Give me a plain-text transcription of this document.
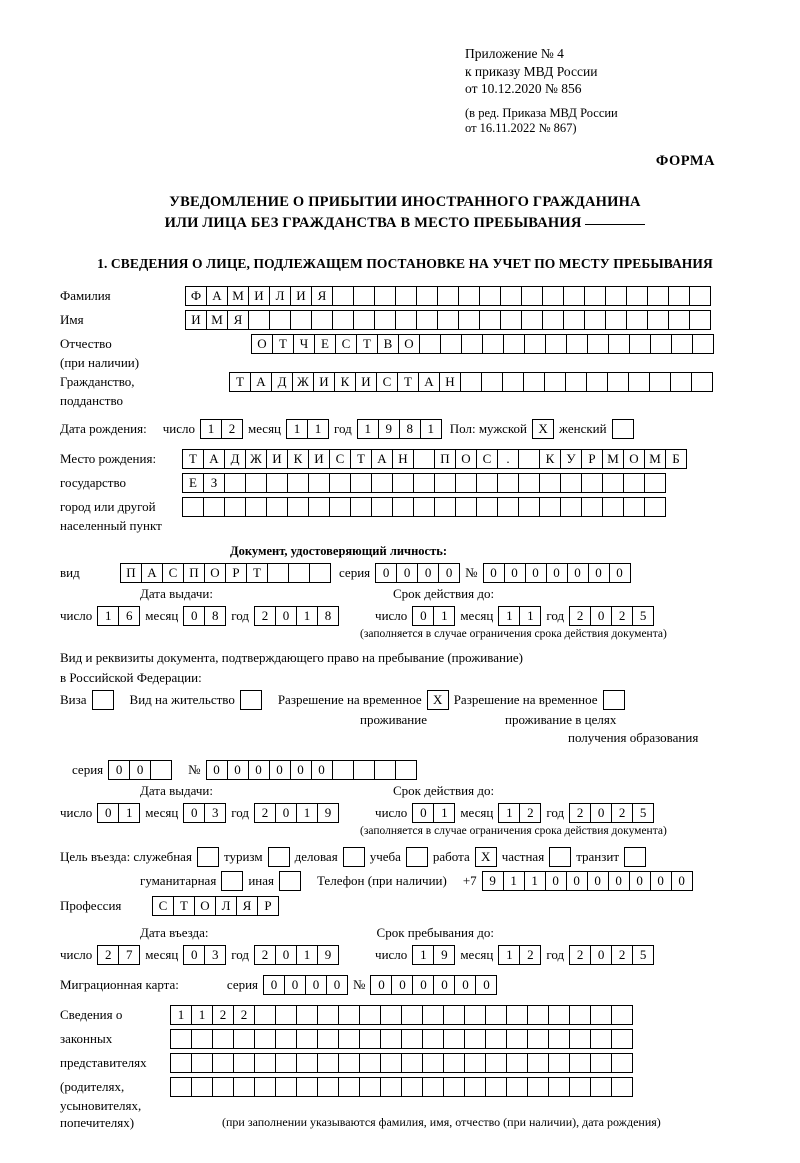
Приложение № 4
к приказу МВД России
от 10.12.2020 № 856
(в ред. Приказа МВД России
от 16.11.2022 № 867)
ФОРМА
УВЕДОМЛЕНИЕ О ПРИБЫТИИ ИНОСТРАННОГО ГРАЖДАНИНА
ИЛИ ЛИЦА БЕЗ ГРАЖДАНСТВА В МЕСТО ПРЕБЫВАНИЯ
1. СВЕДЕНИЯ О ЛИЦЕ, ПОДЛЕЖАЩЕМ ПОСТАНОВКЕ НА УЧЕТ ПО МЕСТУ ПРЕБЫВАНИЯ
Фамилия	Ф А М И Л И Я
Имя	И М Я
Отчество	О Т Ч Е С Т В О
(при наличии)
Гражданство,	Т А Д Ж И К И С Т А Н
подданство
Дата рождения: число 1	2 месяц 1	1 год 1	9	8	1	Пол: мужской X женский
Место рождения:	Т А Д Ж И К И С Т А Н	П О С	.	К У Р М О М Б
государство	Е	З
город или другой
населенный пункт
Документ, удостоверяющий личность:
вид	П А С П О Р	Т	серия 0	0	0	0 № 0	0	0	0	0	0	0
Дата выдачи:	Срок действия до:
число 1	6 месяц 0	8 год 2	0	1	8	число 0	1 месяц 1	1 год 2	0	2	5
(заполняется в случае ограничения срока действия документа)
Вид и реквизиты документа, подтверждающего право на пребывание (проживание)
в Российской Федерации:
Виза	Вид на жительство	Разрешение на временное X Разрешение на временное
проживание	проживание в целях
получения образования
серия 0	0	№ 0	0	0	0	0	0
Дата выдачи:	Срок действия до:
число 0	1 месяц 0	3 год 2	0	1	9	число 0	1 месяц 1	2 год 2	0	2	5
(заполняется в случае ограничения срока действия документа)
Цель въезда: служебная туризм деловая учеба работа X частная транзит
гуманитарная иная	Телефон (при наличии) +7 9	1	1	0	0	0	0	0	0	0
Профессия	С Т О Л Я	Р
Дата въезда:	Срок пребывания до:
число 2	7 месяц 0	3 год 2	0	1	9	число 1	9 месяц 1	2 год 2	0	2	5
Миграционная карта:	серия 0	0	0	0 № 0	0	0	0	0	0
Сведения о	1	1	2	2
законных
представителях
(родителях,
усыновителях,
попечителях)	(при заполнении указываются фамилия, имя, отчество (при наличии), дата рождения)
